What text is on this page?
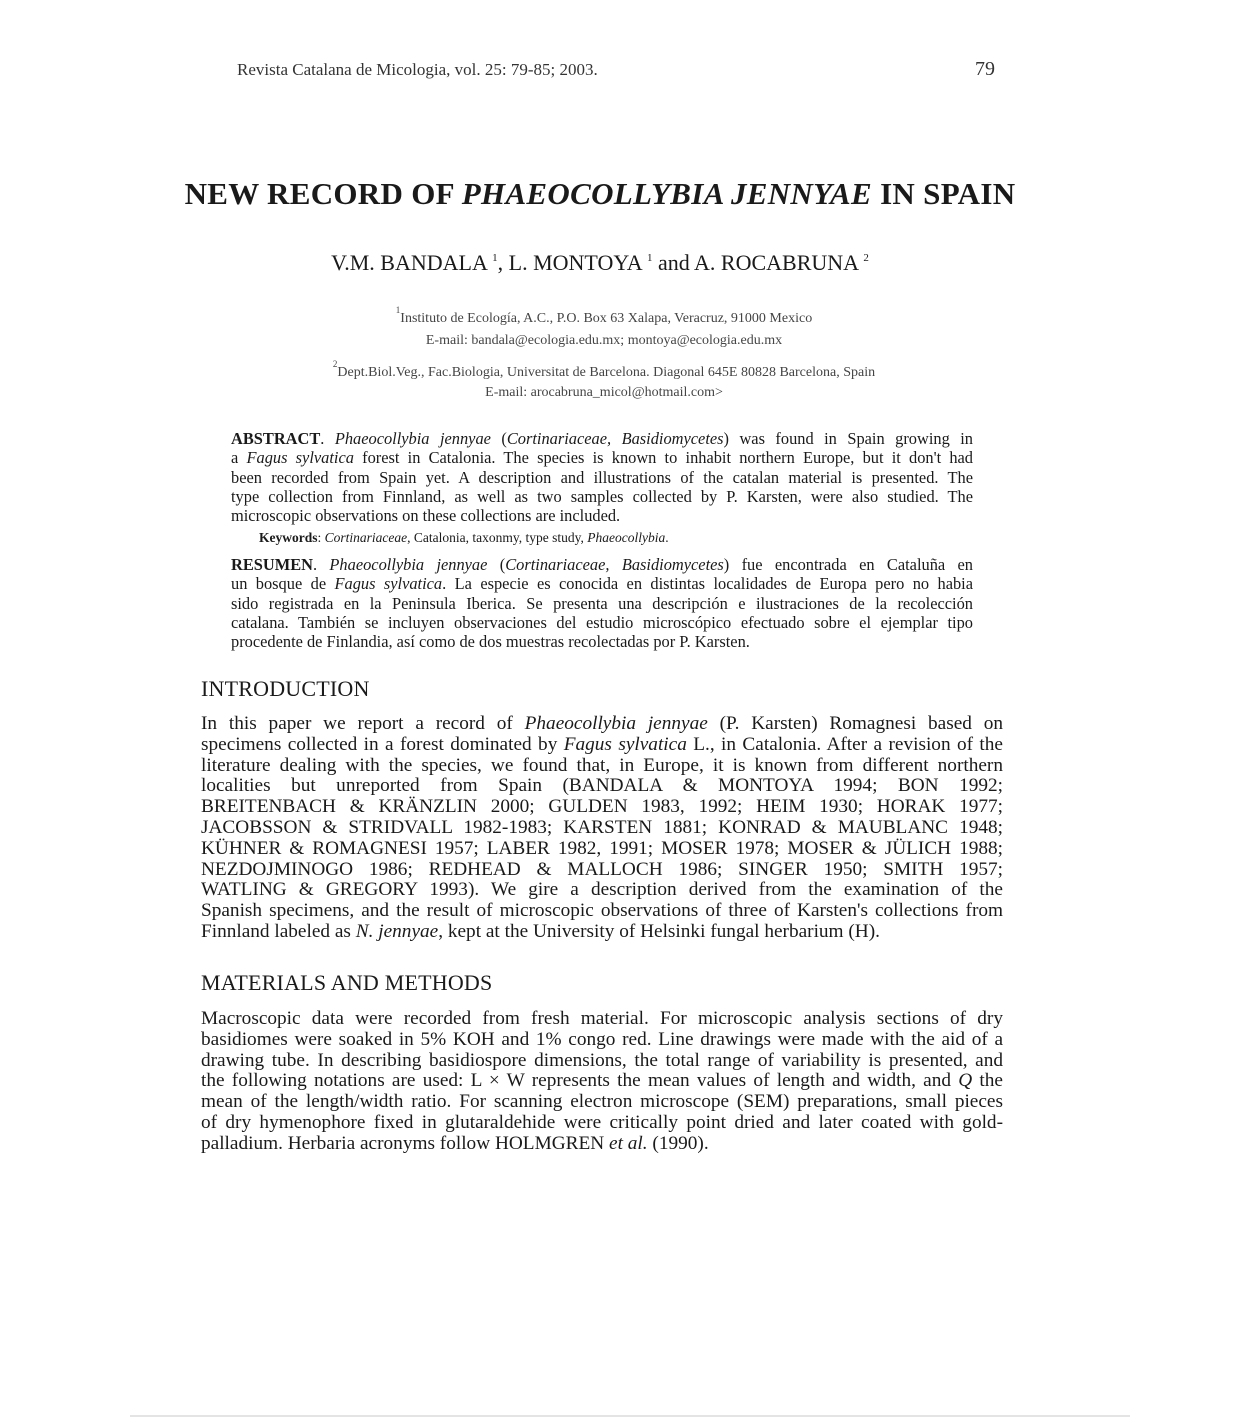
Revista Catalana de Micologia, vol. 25: 79-85; 2003.	79
NEW RECORD OF PHAEOCOLLYBIA JENNYAE IN SPAIN
V.M. BANDALA $^1$, L. MONTOYA $^1$ and A. ROCABRUNA $^2$
$^1$Instituto de Ecología, A.C., P.O. Box 63 Xalapa, Veracruz, 91000 Mexico
E-mail: bandala@ecologia.edu.mx; montoya@ecologia.edu.mx
$^2$Dept.Biol.Veg., Fac.Biologia, Universitat de Barcelona. Diagonal 645E 80828 Barcelona, Spain
E-mail: arocabruna_micol@hotmail.com>
ABSTRACT. Phaeocollybia jennyae (Cortinariaceae, Basidiomycetes) was found in Spain growing in
a Fagus sylvatica forest in Catalonia. The species is known to inhabit northern Europe, but it don't had
been recorded from Spain yet. A description and illustrations of the catalan material is presented. The
type collection from Finnland, as well as two samples collected by P. Karsten, were also studied. The
microscopic observations on these collections are included.
Keywords: Cortinariaceae, Catalonia, taxonmy, type study, Phaeocollybia.
RESUMEN. Phaeocollybia jennyae (Cortinariaceae, Basidiomycetes) fue encontrada en Cataluña en
un bosque de Fagus sylvatica. La especie es conocida en distintas localidades de Europa pero no habia
sido registrada en la Peninsula Iberica. Se presenta una descripción e ilustraciones de la recolección
catalana. También se incluyen observaciones del estudio microscópico efectuado sobre el ejemplar tipo
procedente de Finlandia, así como de dos muestras recolectadas por P. Karsten.
INTRODUCTION
In this paper we report a record of Phaeocollybia jennyae (P. Karsten) Romagnesi based on
specimens collected in a forest dominated by Fagus sylvatica L., in Catalonia. After a revision of the
literature dealing with the species, we found that, in Europe, it is known from different northern
localities but unreported from Spain (BANDALA & MONTOYA 1994; BON 1992;
BREITENBACH & KRÄNZLIN 2000; GULDEN 1983, 1992; HEIM 1930; HORAK 1977;
JACOBSSON & STRIDVALL 1982-1983; KARSTEN 1881; KONRAD & MAUBLANC 1948;
KÜHNER & ROMAGNESI 1957; LABER 1982, 1991; MOSER 1978; MOSER & JÜLICH 1988;
NEZDOJMINOGO 1986; REDHEAD & MALLOCH 1986; SINGER 1950; SMITH 1957;
WATLING & GREGORY 1993). We gire a description derived from the examination of the
Spanish specimens, and the result of microscopic observations of three of Karsten's collections from
Finnland labeled as N. jennyae, kept at the University of Helsinki fungal herbarium (H).
MATERIALS AND METHODS
Macroscopic data were recorded from fresh material. For microscopic analysis sections of dry
basidiomes were soaked in 5% KOH and 1% congo red. Line drawings were made with the aid of a
drawing tube. In describing basidiospore dimensions, the total range of variability is presented, and
the following notations are used: L × W represents the mean values of length and width, and Q the
mean of the length/width ratio. For scanning electron microscope (SEM) preparations, small pieces
of dry hymenophore fixed in glutaraldehide were critically point dried and later coated with gold-
palladium. Herbaria acronyms follow HOLMGREN et al. (1990).
